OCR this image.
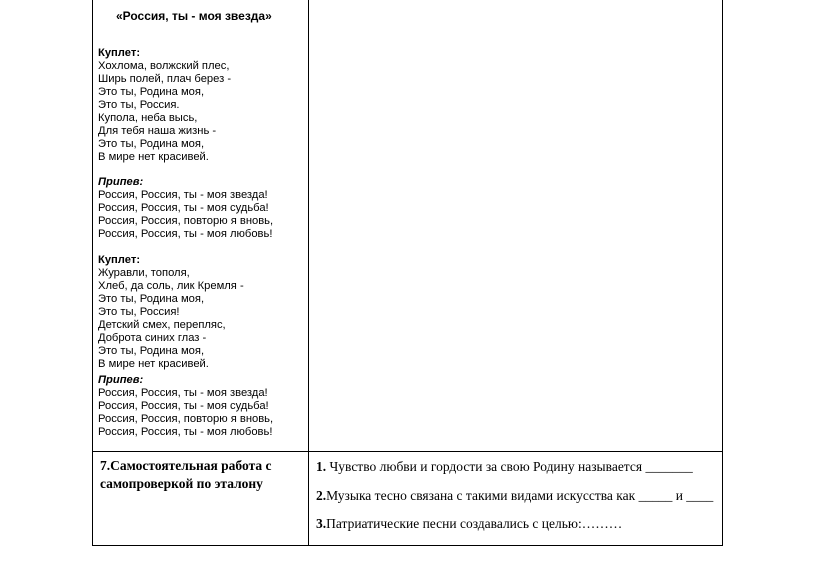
«Россия, ты - моя звезда»
Куплет:
Хохлома, волжский плес,
Ширь полей, плач берез -
Это ты, Родина моя,
Это ты, Россия.
Купола, неба высь,
Для тебя наша жизнь -
Это ты, Родина моя,
В мире нет красивей.
Припев:
Россия, Россия, ты - моя звезда!
Россия, Россия, ты - моя судьба!
Россия, Россия, повторю я вновь,
Россия, Россия, ты - моя любовь!
Куплет:
Журавли, тополя,
Хлеб, да соль, лик Кремля -
Это ты, Родина моя,
Это ты, Россия!
Детский смех, перепляс,
Доброта синих глаз -
Это ты, Родина моя,
В мире нет красивей.
Припев:
Россия, Россия, ты - моя звезда!
Россия, Россия, ты - моя судьба!
Россия, Россия, повторю я вновь,
Россия, Россия, ты - моя любовь!
7.Самостоятельная работа с самопроверкой по эталону
1. Чувство любви и гордости за свою Родину называется _______
2.Музыка тесно связана с такими видами искусства как _____ и ____
3.Патриатические песни создавались с целью:………
